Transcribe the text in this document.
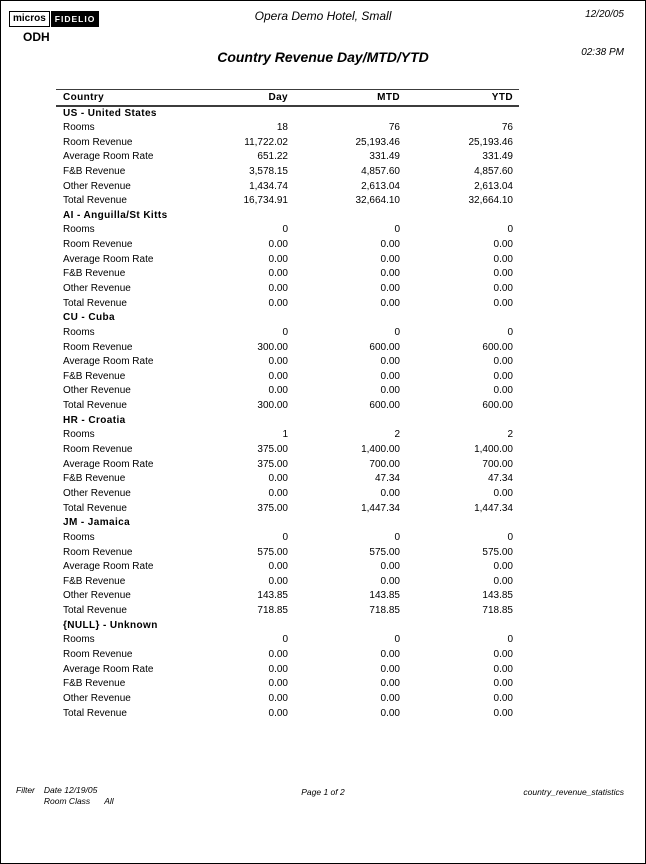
micros	FIDELIO
ODH
Opera Demo Hotel, Small	12/20/05
Country Revenue Day/MTD/YTD	02:38 PM
Country	Day	MTD	YTD
US - United States			
Rooms	18	76	76
Room Revenue	11,722.02	25,193.46	25,193.46
Average Room Rate	651.22	331.49	331.49
F&B Revenue	3,578.15	4,857.60	4,857.60
Other Revenue	1,434.74	2,613.04	2,613.04
Total Revenue	16,734.91	32,664.10	32,664.10
AI - Anguilla/St Kitts			
Rooms	0	0	0
Room Revenue	0.00	0.00	0.00
Average Room Rate	0.00	0.00	0.00
F&B Revenue	0.00	0.00	0.00
Other Revenue	0.00	0.00	0.00
Total Revenue	0.00	0.00	0.00
CU - Cuba			
Rooms	0	0	0
Room Revenue	300.00	600.00	600.00
Average Room Rate	0.00	0.00	0.00
F&B Revenue	0.00	0.00	0.00
Other Revenue	0.00	0.00	0.00
Total Revenue	300.00	600.00	600.00
HR - Croatia			
Rooms	1	2	2
Room Revenue	375.00	1,400.00	1,400.00
Average Room Rate	375.00	700.00	700.00
F&B Revenue	0.00	47.34	47.34
Other Revenue	0.00	0.00	0.00
Total Revenue	375.00	1,447.34	1,447.34
JM - Jamaica			
Rooms	0	0	0
Room Revenue	575.00	575.00	575.00
Average Room Rate	0.00	0.00	0.00
F&B Revenue	0.00	0.00	0.00
Other Revenue	143.85	143.85	143.85
Total Revenue	718.85	718.85	718.85
{NULL} - Unknown			
Rooms	0	0	0
Room Revenue	0.00	0.00	0.00
Average Room Rate	0.00	0.00	0.00
F&B Revenue	0.00	0.00	0.00
Other Revenue	0.00	0.00	0.00
Total Revenue	0.00	0.00	0.00
Filter Date 12/19/05
Room Class All
Page 1 of 2	country_revenue_statistics
